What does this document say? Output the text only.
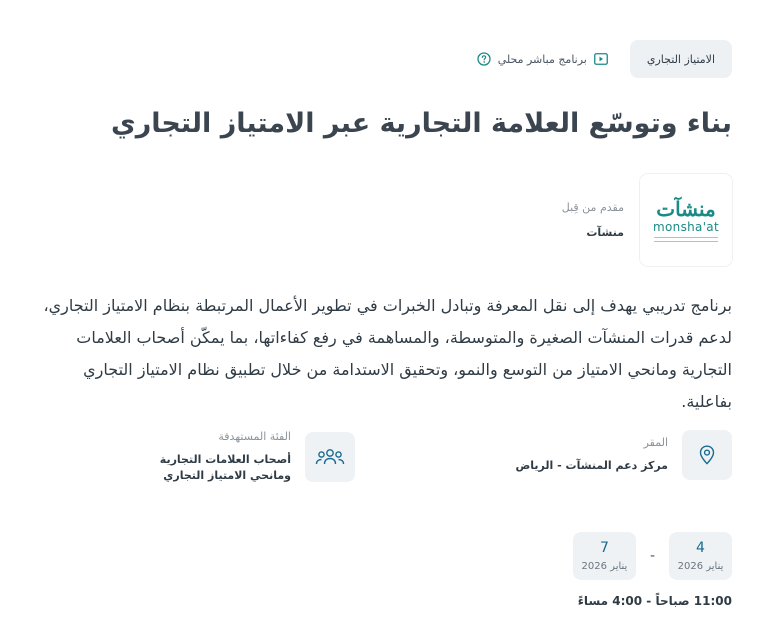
الامتياز التجاري
برنامج مباشر محلي
بناء وتوسّع العلامة التجارية عبر الامتياز التجاري
منشآت
monsha'at
مقدم من قِبل
منشآت

برنامج تدريبي يهدف إلى نقل المعرفة وتبادل الخبرات في تطوير الأعمال المرتبطة بنظام الامتياز التجاري، لدعم قدرات المنشآت الصغيرة والمتوسطة، والمساهمة في رفع كفاءاتها، بما يمكّن أصحاب العلامات التجارية ومانحي الامتياز من التوسع والنمو، وتحقيق الاستدامة من خلال تطبيق نظام الامتياز التجاري بفاعلية.

المقر
مركز دعم المنشآت - الرياض
الفئة المستهدفة
أصحاب العلامات التجارية ومانحي الامتياز التجاري
4
يناير 2026
-
7
يناير 2026
11:00 صباحاً - 4:00 مساءً
